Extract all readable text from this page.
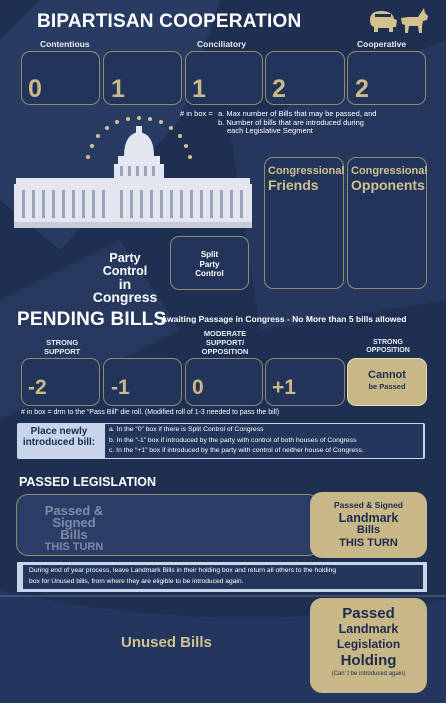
BIPARTISAN COOPERATION
Contentious	Conciliatory	Cooperative
0	1	1	2	2
# in box = a. Max number of Bills that may be passed, and
b. Number of bills that are introduced during
each Legislative Segment
Party Control
in Congress
Split
Party
Control
Congressional
Friends
Congressional
Opponents
PENDING BILLS
Awaiting Passage in Congress - No More than 5 bills allowed
STRONG
SUPPORT
MODERATE
SUPPORT/
OPPOSITION
STRONG
OPPOSITION
-2	-1	0	+1
Cannot
be Passed
# in box = drm to the “Pass Bill” die roll. (Modified roll of 1-3 needed to pass the bill)
Place newly
introduced bill:
a. In the “0” box if there is Split Control of Congress
b. In the “-1” box if introduced by the party with control of both houses of Congress
c. In the “+1” box if introduced by the party with control of neither house of Congress.
PASSED LEGISLATION
Passed &
Signed Bills
THIS TURN
Passed & Signed
Landmark
Bills
THIS TURN
During end of year process, leave Landmark Bills in their holding box and return all others to the holding
box for Unused bills, from where they are eligible to be introduced again.
Unused Bills
Passed
Landmark
Legislation
Holding
(Can’ t be introduced again)
